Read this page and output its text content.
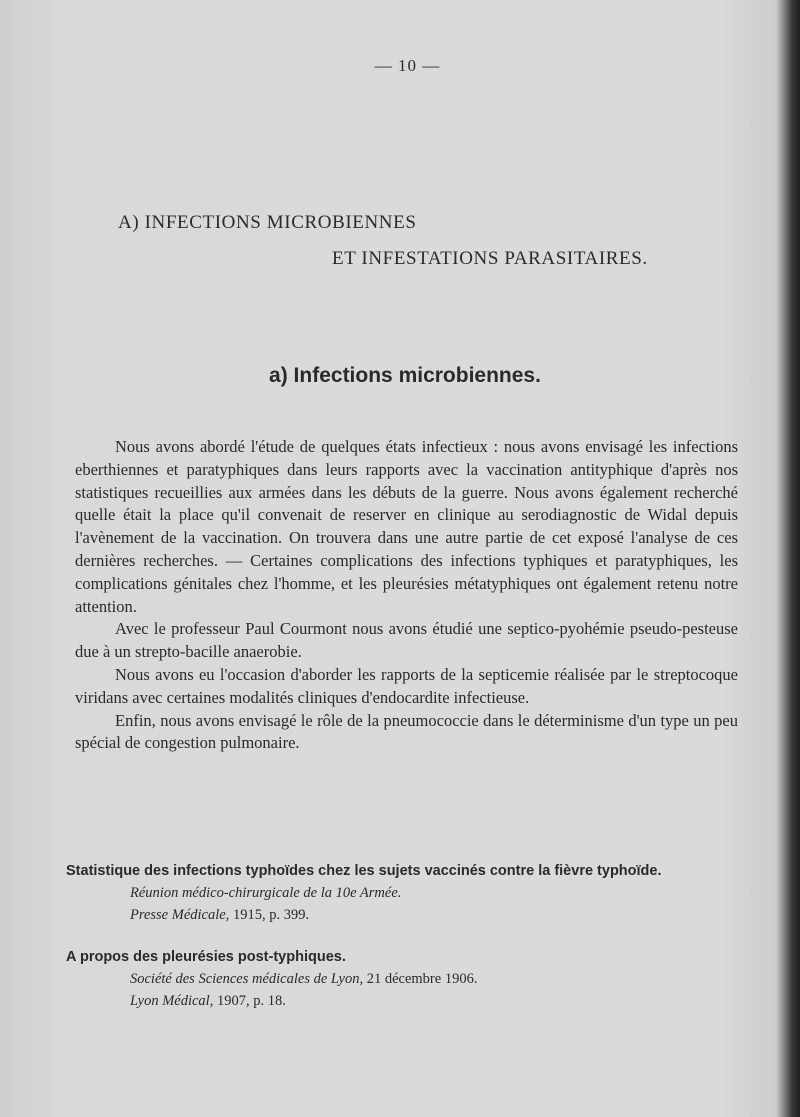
— 10 —
A) INFECTIONS MICROBIENNES
ET INFESTATIONS PARASITAIRES.
a) Infections microbiennes.

Nous avons abordé l'étude de quelques états infectieux : nous avons envisagé les infections eberthiennes et paratyphiques dans leurs rapports avec la vaccination antityphique d'après nos statistiques recueillies aux armées dans les débuts de la guerre. Nous avons également recherché quelle était la place qu'il convenait de reserver en clinique au serodiagnostic de Widal depuis l'avènement de la vaccination. On trouvera dans une autre partie de cet exposé l'analyse de ces dernières recherches. — Certaines complications des infections typhiques et paratyphiques, les complications génitales chez l'homme, et les pleurésies métatyphiques ont également retenu notre attention.

Avec le professeur Paul Courmont nous avons étudié une septico-pyohémie pseudo-pesteuse due à un strepto-bacille anaerobie.

Nous avons eu l'occasion d'aborder les rapports de la septicemie réalisée par le streptocoque viridans avec certaines modalités cliniques d'endocardite infectieuse.

Enfin, nous avons envisagé le rôle de la pneumococcie dans le déterminisme d'un type un peu spécial de congestion pulmonaire.

Statistique des infections typhoïdes chez les sujets vaccinés contre la fièvre typhoïde.
Réunion médico-chirurgicale de la 10e Armée.
Presse Médicale, 1915, p. 399.
A propos des pleurésies post-typhiques.
Société des Sciences médicales de Lyon, 21 décembre 1906.
Lyon Médical, 1907, p. 18.
